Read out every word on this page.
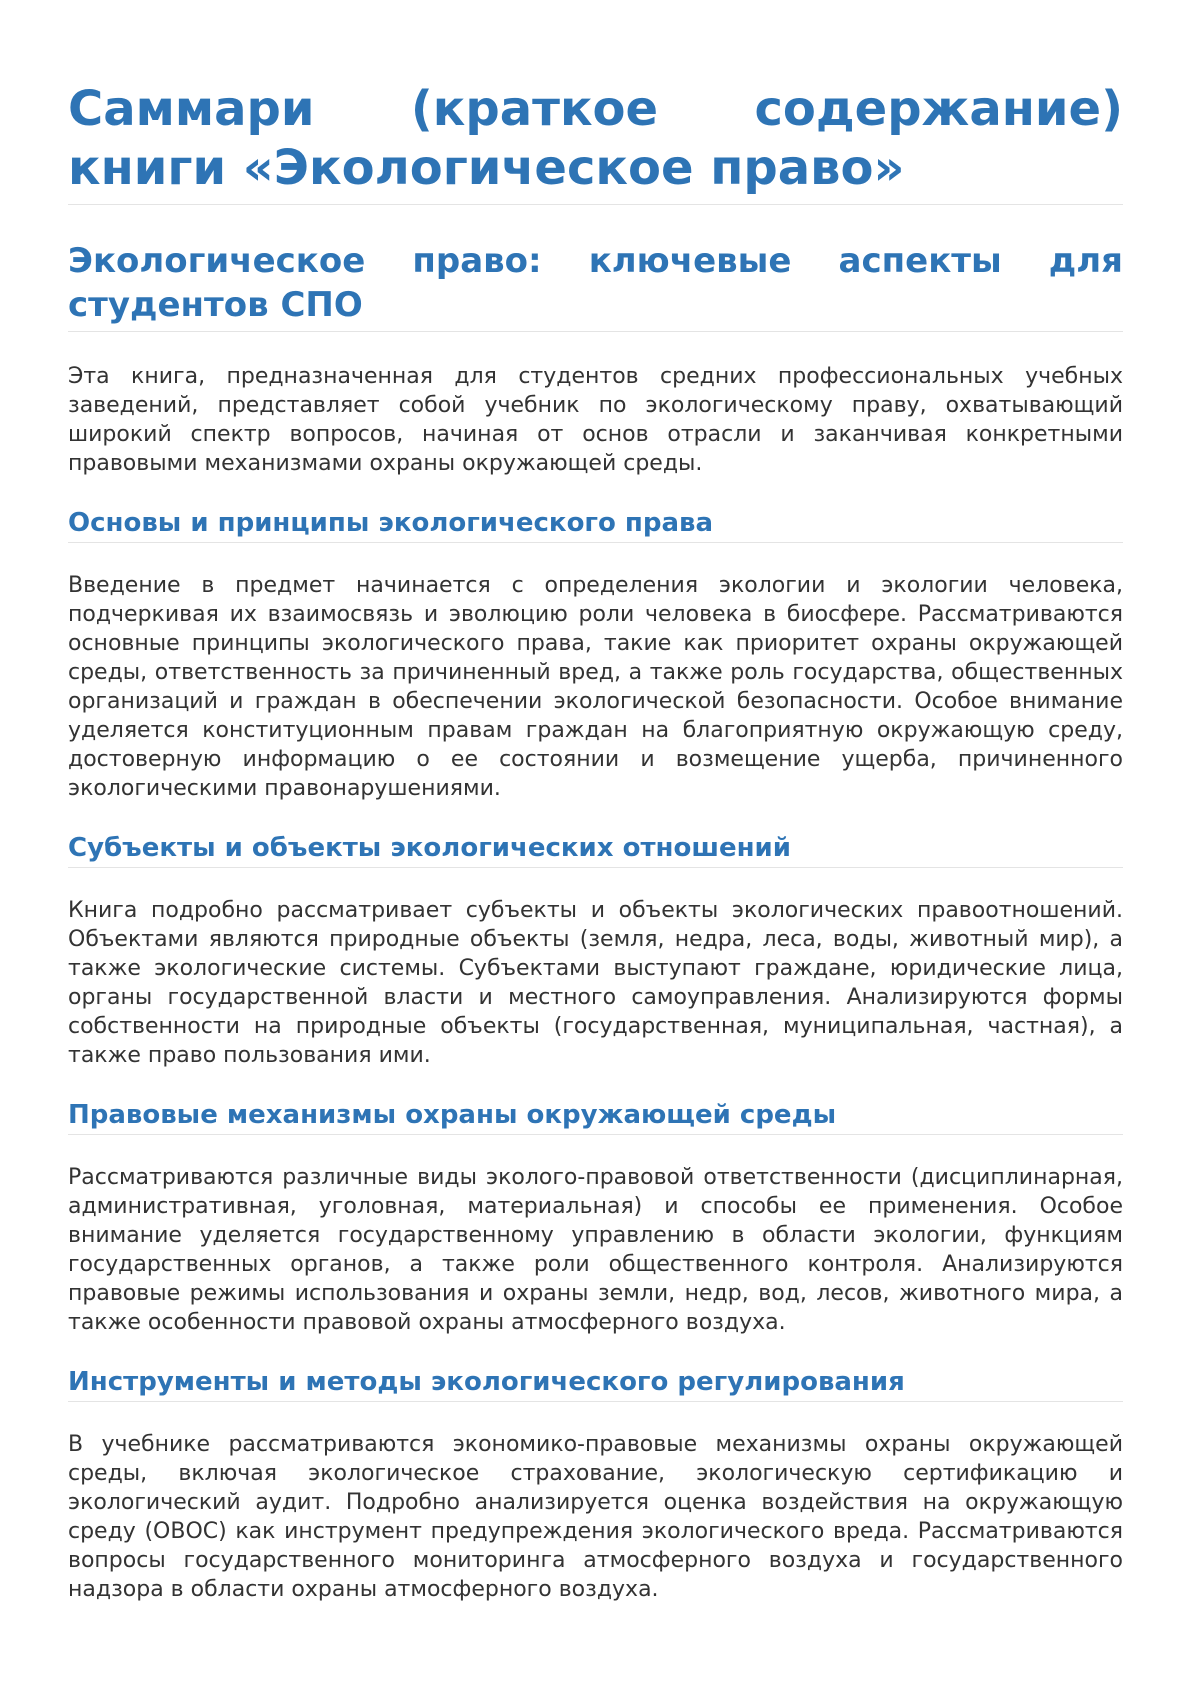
Саммари (краткое содержание) книги «Экологическое право»
Экологическое право: ключевые аспекты для студентов СПО

Эта книга, предназначенная для студентов средних профессиональных учебных заведений, представляет собой учебник по экологическому праву, охватывающий широкий спектр вопросов, начиная от основ отрасли и заканчивая конкретными правовыми механизмами охраны окружающей среды.

Основы и принципы экологического права

Введение в предмет начинается с определения экологии и экологии человека, подчеркивая их взаимосвязь и эволюцию роли человека в биосфере. Рассматриваются основные принципы экологического права, такие как приоритет охраны окружающей среды, ответственность за причиненный вред, а также роль государства, общественных организаций и граждан в обеспечении экологической безопасности. Особое внимание уделяется конституционным правам граждан на благоприятную окружающую среду, достоверную информацию о ее состоянии и возмещение ущерба, причиненного экологическими правонарушениями.

Субъекты и объекты экологических отношений

Книга подробно рассматривает субъекты и объекты экологических правоотношений. Объектами являются природные объекты (земля, недра, леса, воды, животный мир), а также экологические системы. Субъектами выступают граждане, юридические лица, органы государственной власти и местного самоуправления. Анализируются формы собственности на природные объекты (государственная, муниципальная, частная), а также право пользования ими.

Правовые механизмы охраны окружающей среды

Рассматриваются различные виды эколого-правовой ответственности (дисциплинарная, административная, уголовная, материальная) и способы ее применения. Особое внимание уделяется государственному управлению в области экологии, функциям государственных органов, а также роли общественного контроля. Анализируются правовые режимы использования и охраны земли, недр, вод, лесов, животного мира, а также особенности правовой охраны атмосферного воздуха.

Инструменты и методы экологического регулирования

В учебнике рассматриваются экономико-правовые механизмы охраны окружающей среды, включая экологическое страхование, экологическую сертификацию и экологический аудит. Подробно анализируется оценка воздействия на окружающую среду (ОВОС) как инструмент предупреждения экологического вреда. Рассматриваются вопросы государственного мониторинга атмосферного воздуха и государственного надзора в области охраны атмосферного воздуха.
